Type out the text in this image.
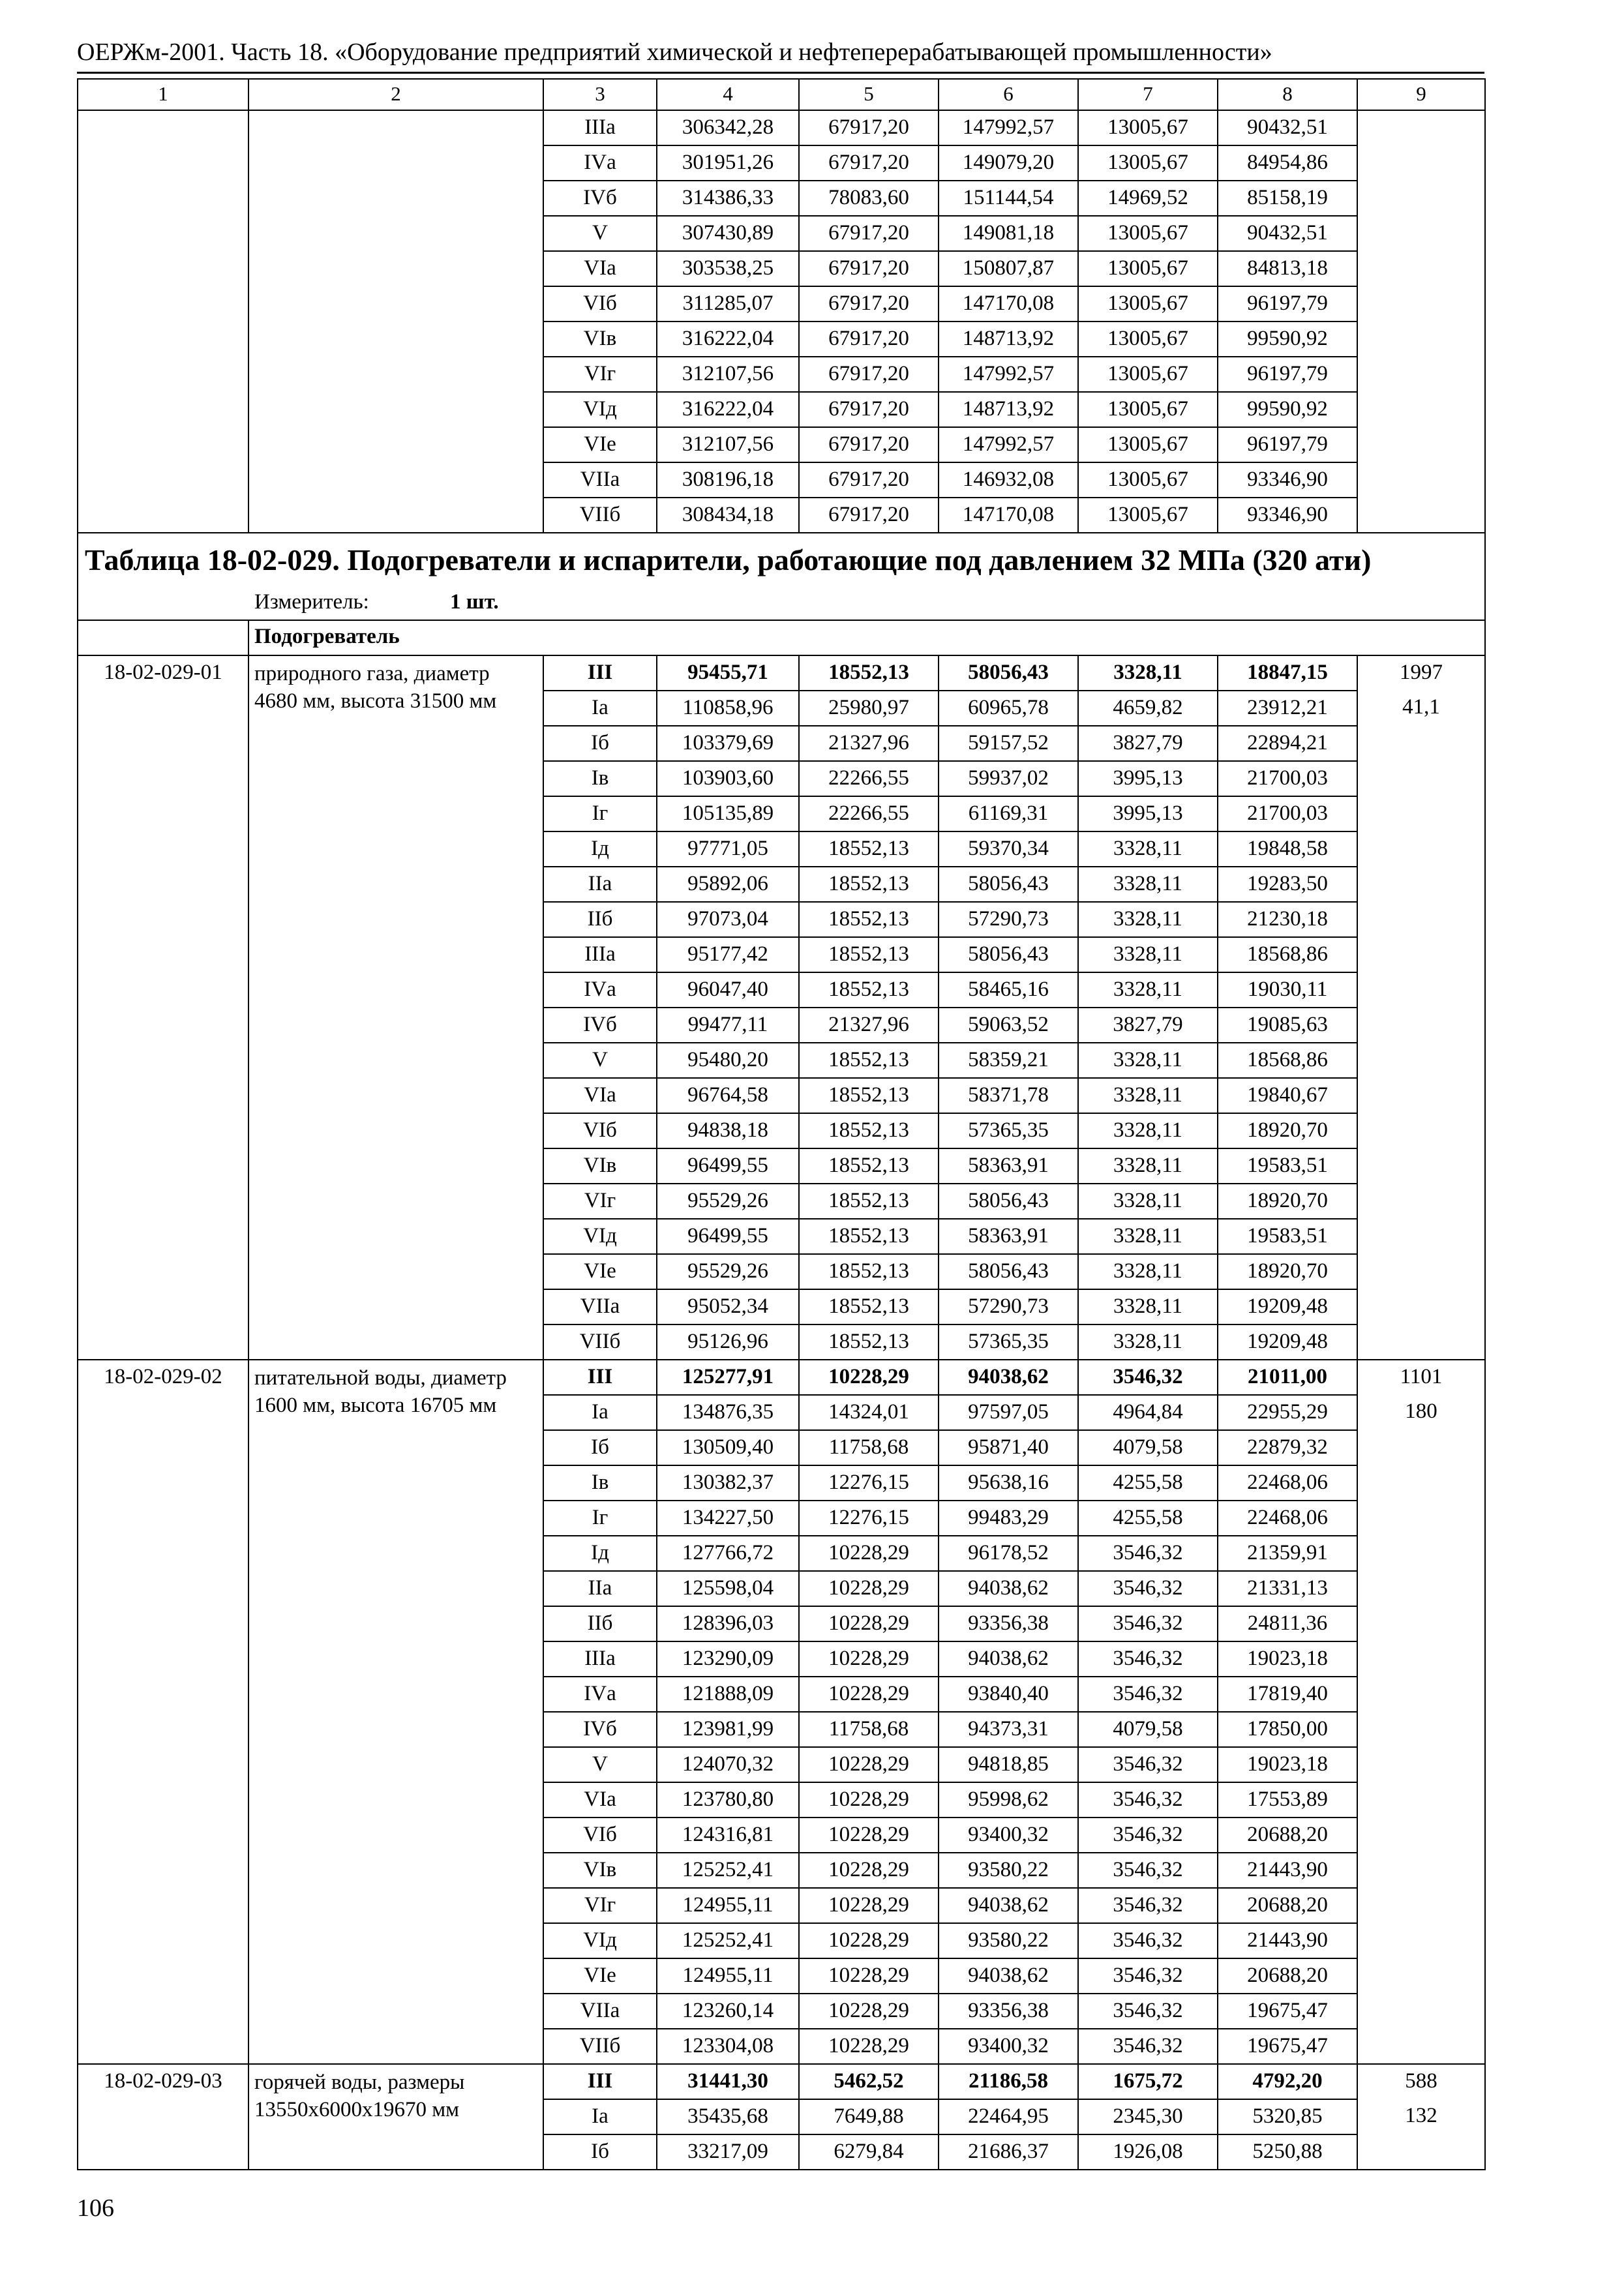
ОЕРЖм-2001. Часть 18. «Оборудование предприятий химической и нефтеперерабатывающей промышленности»
1	2	3	4	5	6	7	8	9
		IIIа	306342,28	67917,20	147992,57	13005,67	90432,51	
		IVа	301951,26	67917,20	149079,20	13005,67	84954,86	
		IVб	314386,33	78083,60	151144,54	14969,52	85158,19	
		V	307430,89	67917,20	149081,18	13005,67	90432,51	
		VIа	303538,25	67917,20	150807,87	13005,67	84813,18	
		VIб	311285,07	67917,20	147170,08	13005,67	96197,79	
		VIв	316222,04	67917,20	148713,92	13005,67	99590,92	
		VIг	312107,56	67917,20	147992,57	13005,67	96197,79	
		VIд	316222,04	67917,20	148713,92	13005,67	99590,92	
		VIе	312107,56	67917,20	147992,57	13005,67	96197,79	
		VIIа	308196,18	67917,20	146932,08	13005,67	93346,90	
		VIIб	308434,18	67917,20	147170,08	13005,67	93346,90	
Таблица 18-02-029. Подогреватели и испарители, работающие под давлением 32 МПа (320 ати)								
Измеритель: 1 шт.								
	Подогреватель							
18-02-029-01	природного газа, диаметр 4680 мм, высота 31500 мм	III	95455,71	18552,13	58056,43	3328,11	18847,15	1997
		Iа	110858,96	25980,97	60965,78	4659,82	23912,21	41,1
		Iб	103379,69	21327,96	59157,52	3827,79	22894,21	
		Iв	103903,60	22266,55	59937,02	3995,13	21700,03	
		Iг	105135,89	22266,55	61169,31	3995,13	21700,03	
		Iд	97771,05	18552,13	59370,34	3328,11	19848,58	
		IIа	95892,06	18552,13	58056,43	3328,11	19283,50	
		IIб	97073,04	18552,13	57290,73	3328,11	21230,18	
		IIIа	95177,42	18552,13	58056,43	3328,11	18568,86	
		IVа	96047,40	18552,13	58465,16	3328,11	19030,11	
		IVб	99477,11	21327,96	59063,52	3827,79	19085,63	
		V	95480,20	18552,13	58359,21	3328,11	18568,86	
		VIа	96764,58	18552,13	58371,78	3328,11	19840,67	
		VIб	94838,18	18552,13	57365,35	3328,11	18920,70	
		VIв	96499,55	18552,13	58363,91	3328,11	19583,51	
		VIг	95529,26	18552,13	58056,43	3328,11	18920,70	
		VIд	96499,55	18552,13	58363,91	3328,11	19583,51	
		VIе	95529,26	18552,13	58056,43	3328,11	18920,70	
		VIIа	95052,34	18552,13	57290,73	3328,11	19209,48	
		VIIб	95126,96	18552,13	57365,35	3328,11	19209,48	
18-02-029-02	питательной воды, диаметр 1600 мм, высота 16705 мм	III	125277,91	10228,29	94038,62	3546,32	21011,00	1101
		Iа	134876,35	14324,01	97597,05	4964,84	22955,29	180
		Iб	130509,40	11758,68	95871,40	4079,58	22879,32	
		Iв	130382,37	12276,15	95638,16	4255,58	22468,06	
		Iг	134227,50	12276,15	99483,29	4255,58	22468,06	
		Iд	127766,72	10228,29	96178,52	3546,32	21359,91	
		IIа	125598,04	10228,29	94038,62	3546,32	21331,13	
		IIб	128396,03	10228,29	93356,38	3546,32	24811,36	
		IIIа	123290,09	10228,29	94038,62	3546,32	19023,18	
		IVа	121888,09	10228,29	93840,40	3546,32	17819,40	
		IVб	123981,99	11758,68	94373,31	4079,58	17850,00	
		V	124070,32	10228,29	94818,85	3546,32	19023,18	
		VIа	123780,80	10228,29	95998,62	3546,32	17553,89	
		VIб	124316,81	10228,29	93400,32	3546,32	20688,20	
		VIв	125252,41	10228,29	93580,22	3546,32	21443,90	
		VIг	124955,11	10228,29	94038,62	3546,32	20688,20	
		VIд	125252,41	10228,29	93580,22	3546,32	21443,90	
		VIе	124955,11	10228,29	94038,62	3546,32	20688,20	
		VIIа	123260,14	10228,29	93356,38	3546,32	19675,47	
		VIIб	123304,08	10228,29	93400,32	3546,32	19675,47	
18-02-029-03	горячей воды, размеры 13550х6000х19670 мм	III	31441,30	5462,52	21186,58	1675,72	4792,20	588
		Iа	35435,68	7649,88	22464,95	2345,30	5320,85	132
		Iб	33217,09	6279,84	21686,37	1926,08	5250,88	
106
